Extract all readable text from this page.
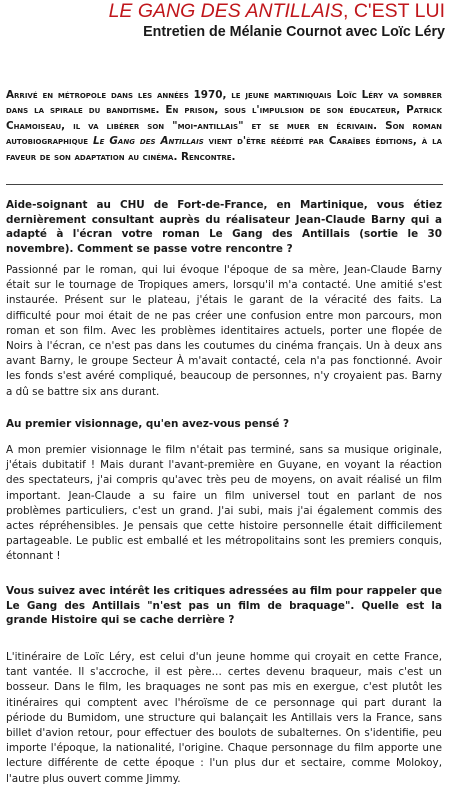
LE GANG DES ANTILLAIS, C'EST LUI
Entretien de Mélanie Cournot avec Loïc Léry

Arrivé en métropole dans les années 1970, le jeune martiniquais Loïc Léry va sombrer dans la spirale du banditisme. En prison, sous l'impulsion de son éducateur, Patrick Chamoiseau, il va libérer son "moi-antillais" et se muer en écrivain. Son roman autobiographique Le Gang des Antillais vient d'être réédité par Caraïbes éditions, à la faveur de son adaptation au cinéma. Rencontre.

Aide-soignant au CHU de Fort-de-France, en Martinique, vous étiez dernièrement consultant auprès du réalisateur Jean-Claude Barny qui a adapté à l'écran votre roman Le Gang des Antillais (sortie le 30 novembre). Comment se passe votre rencontre ?

Passionné par le roman, qui lui évoque l'époque de sa mère, Jean-Claude Barny était sur le tournage de Tropiques amers, lorsqu'il m'a contacté. Une amitié s'est instaurée. Présent sur le plateau, j'étais le garant de la véracité des faits. La difficulté pour moi était de ne pas créer une confusion entre mon parcours, mon roman et son film. Avec les problèmes identitaires actuels, porter une flopée de Noirs à l'écran, ce n'est pas dans les coutumes du cinéma français. Un à deux ans avant Barny, le groupe Secteur À m'avait contacté, cela n'a pas fonctionné. Avoir les fonds s'est avéré compliqué, beaucoup de personnes, n'y croyaient pas. Barny a dû se battre six ans durant.

Au premier visionnage, qu'en avez-vous pensé ?

A mon premier visionnage le film n'était pas terminé, sans sa musique originale, j'étais dubitatif ! Mais durant l'avant-première en Guyane, en voyant la réaction des spectateurs, j'ai compris qu'avec très peu de moyens, on avait réalisé un film important. Jean-Claude a su faire un film universel tout en parlant de nos problèmes particuliers, c'est un grand. J'ai subi, mais j'ai également commis des actes répréhensibles. Je pensais que cette histoire personnelle était difficilement partageable. Le public est emballé et les métropolitains sont les premiers conquis, étonnant !

Vous suivez avec intérêt les critiques adressées au film pour rappeler que Le Gang des Antillais "n'est pas un film de braquage". Quelle est la grande Histoire qui se cache derrière ?

L'itinéraire de Loïc Léry, est celui d'un jeune homme qui croyait en cette France, tant vantée. Il s'accroche, il est père… certes devenu braqueur, mais c'est un bosseur. Dans le film, les braquages ne sont pas mis en exergue, c'est plutôt les itinéraires qui comptent avec l'héroïsme de ce personnage qui part durant la période du Bumidom, une structure qui balançait les Antillais vers la France, sans billet d'avion retour, pour effectuer des boulots de subalternes. On s'identifie, peu importe l'époque, la nationalité, l'origine. Chaque personnage du film apporte une lecture différente de cette époque : l'un plus dur et sectaire, comme Molokoy, l'autre plus ouvert comme Jimmy.
